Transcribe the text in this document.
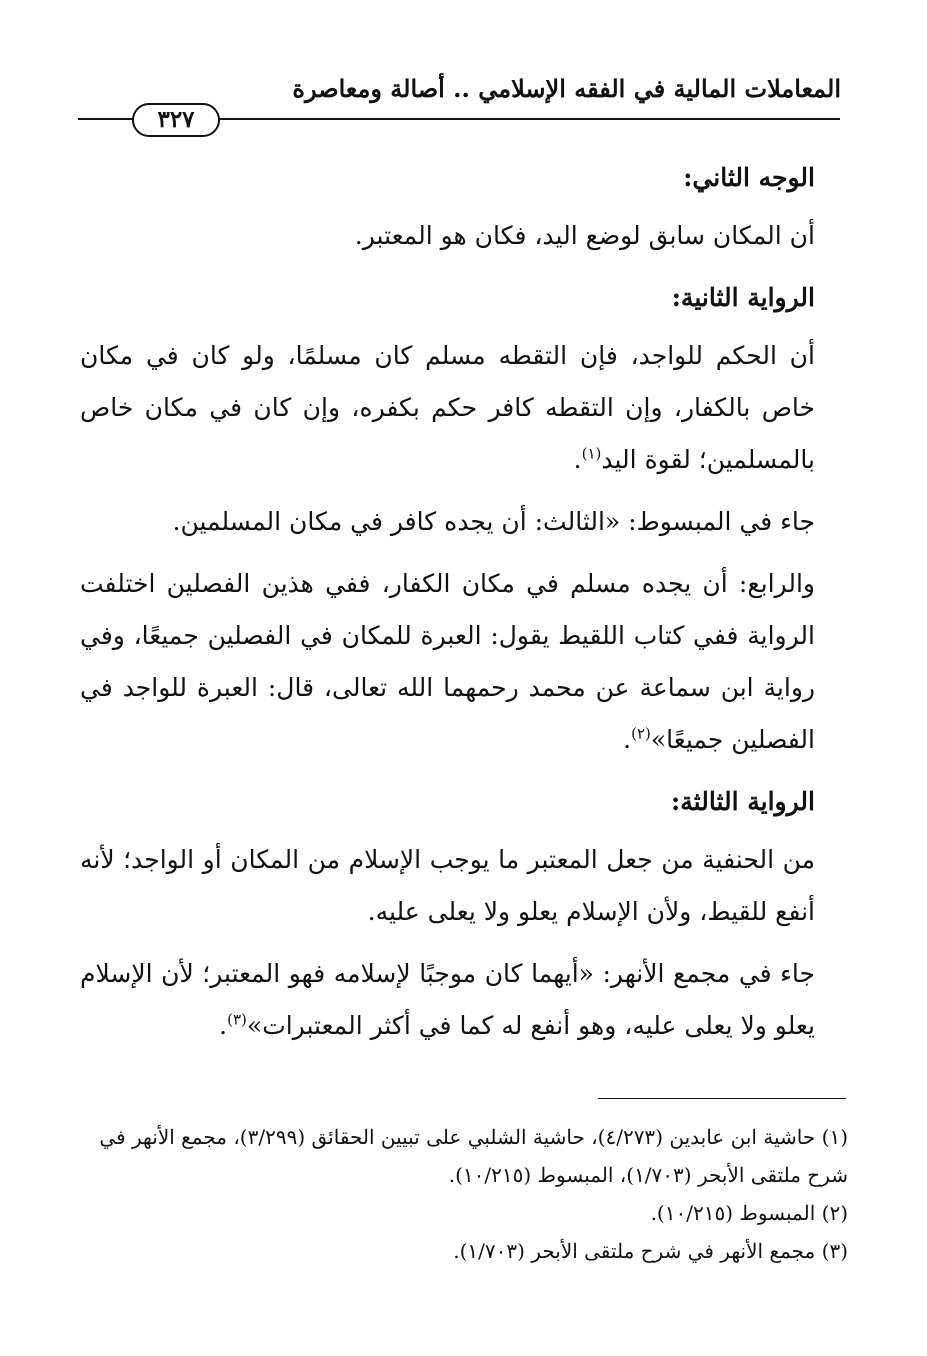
المعاملات المالية في الفقه الإسلامي .. أصالة ومعاصرة
٣٢٧

الوجه الثاني:

أن المكان سابق لوضع اليد، فكان هو المعتبر.

الرواية الثانية:

أن الحكم للواجد، فإن التقطه مسلم كان مسلمًا، ولو كان في مكان خاص بالكفار، وإن التقطه كافر حكم بكفره، وإن كان في مكان خاص بالمسلمين؛ لقوة اليد$^{(١)}$.

جاء في المبسوط: «الثالث: أن يجده كافر في مكان المسلمين.

والرابع: أن يجده مسلم في مكان الكفار، ففي هذين الفصلين اختلفت الرواية ففي كتاب اللقيط يقول: العبرة للمكان في الفصلين جميعًا، وفي رواية ابن سماعة عن محمد رحمهما الله تعالى، قال: العبرة للواجد في الفصلين جميعًا»$^{(٢)}$.

الرواية الثالثة:

من الحنفية من جعل المعتبر ما يوجب الإسلام من المكان أو الواجد؛ لأنه أنفع للقيط، ولأن الإسلام يعلو ولا يعلى عليه.

جاء في مجمع الأنهر: «أيهما كان موجبًا لإسلامه فهو المعتبر؛ لأن الإسلام يعلو ولا يعلى عليه، وهو أنفع له كما في أكثر المعتبرات»$^{(٣)}$.

(١) حاشية ابن عابدين (٤/٢٧٣)، حاشية الشلبي على تبيين الحقائق (٣/٢٩٩)، مجمع الأنهر في شرح ملتقى الأبحر (١/٧٠٣)، المبسوط (١٠/٢١٥).

(٢) المبسوط (١٠/٢١٥).

(٣) مجمع الأنهر في شرح ملتقى الأبحر (١/٧٠٣).
